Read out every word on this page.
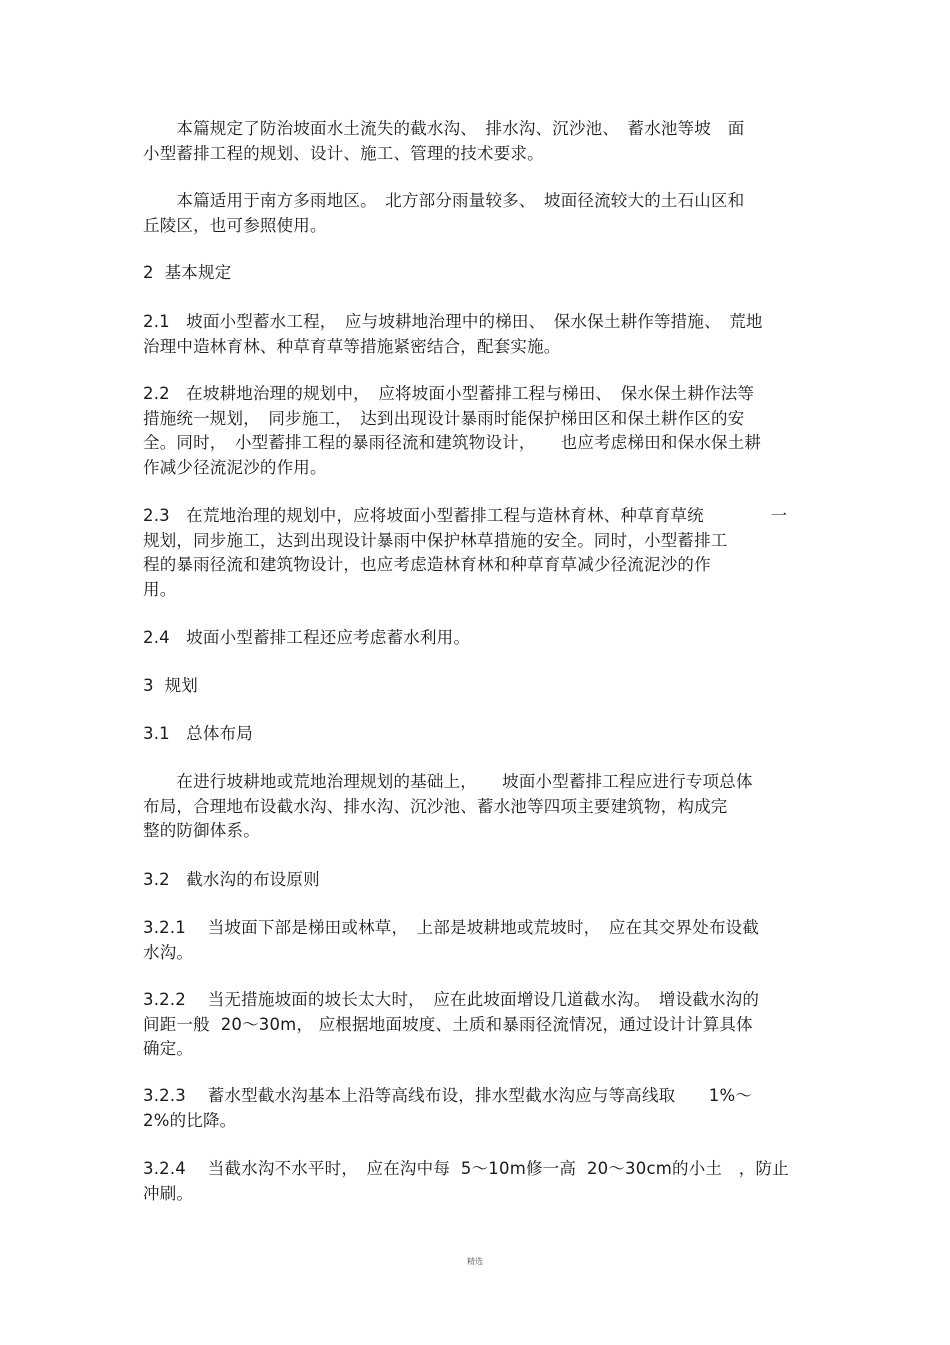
　　本篇规定了防治坡面水土流失的截水沟、　排水沟、沉沙池、　蓄水池等坡　面
小型蓄排工程的规划、设计、施工、管理的技术要求。
　　本篇适用于南方多雨地区。　北方部分雨量较多、　坡面径流较大的土石山区和
丘陵区，也可参照使用。
2  基本规定
2.1   坡面小型蓄水工程，　应与坡耕地治理中的梯田、　保水保土耕作等措施、　荒地
治理中造林育林、种草育草等措施紧密结合，配套实施。
2.2   在坡耕地治理的规划中，　应将坡面小型蓄排工程与梯田、　保水保土耕作法等
措施统一规划，　同步施工，　达到出现设计暴雨时能保护梯田区和保土耕作区的安
全。同时，　小型蓄排工程的暴雨径流和建筑物设计，　　也应考虑梯田和保水保土耕
作减少径流泥沙的作用。
2.3   在荒地治理的规划中，应将坡面小型蓄排工程与造林育林、种草育草统　　　　一
规划，同步施工，达到出现设计暴雨中保护林草措施的安全。同时，小型蓄排工
程的暴雨径流和建筑物设计，也应考虑造林育林和种草育草减少径流泥沙的作
用。
2.4   坡面小型蓄排工程还应考虑蓄水利用。
3  规划
3.1   总体布局
　　在进行坡耕地或荒地治理规划的基础上，　　坡面小型蓄排工程应进行专项总体
布局，合理地布设截水沟、排水沟、沉沙池、蓄水池等四项主要建筑物，构成完
整的防御体系。
3.2   截水沟的布设原则
3.2.1    当坡面下部是梯田或林草，　上部是坡耕地或荒坡时，　应在其交界处布设截
水沟。
3.2.2    当无措施坡面的坡长太大时，　应在此坡面增设几道截水沟。　增设截水沟的
间距一般  20～30m， 应根据地面坡度、土质和暴雨径流情况，通过设计计算具体
确定。
3.2.3    蓄水型截水沟基本上沿等高线布设，排水型截水沟应与等高线取　　1%～
2%的比降。
3.2.4    当截水沟不水平时，　应在沟中每  5～10m修一高  20～30cm的小土　，防止
冲刷。
精选
